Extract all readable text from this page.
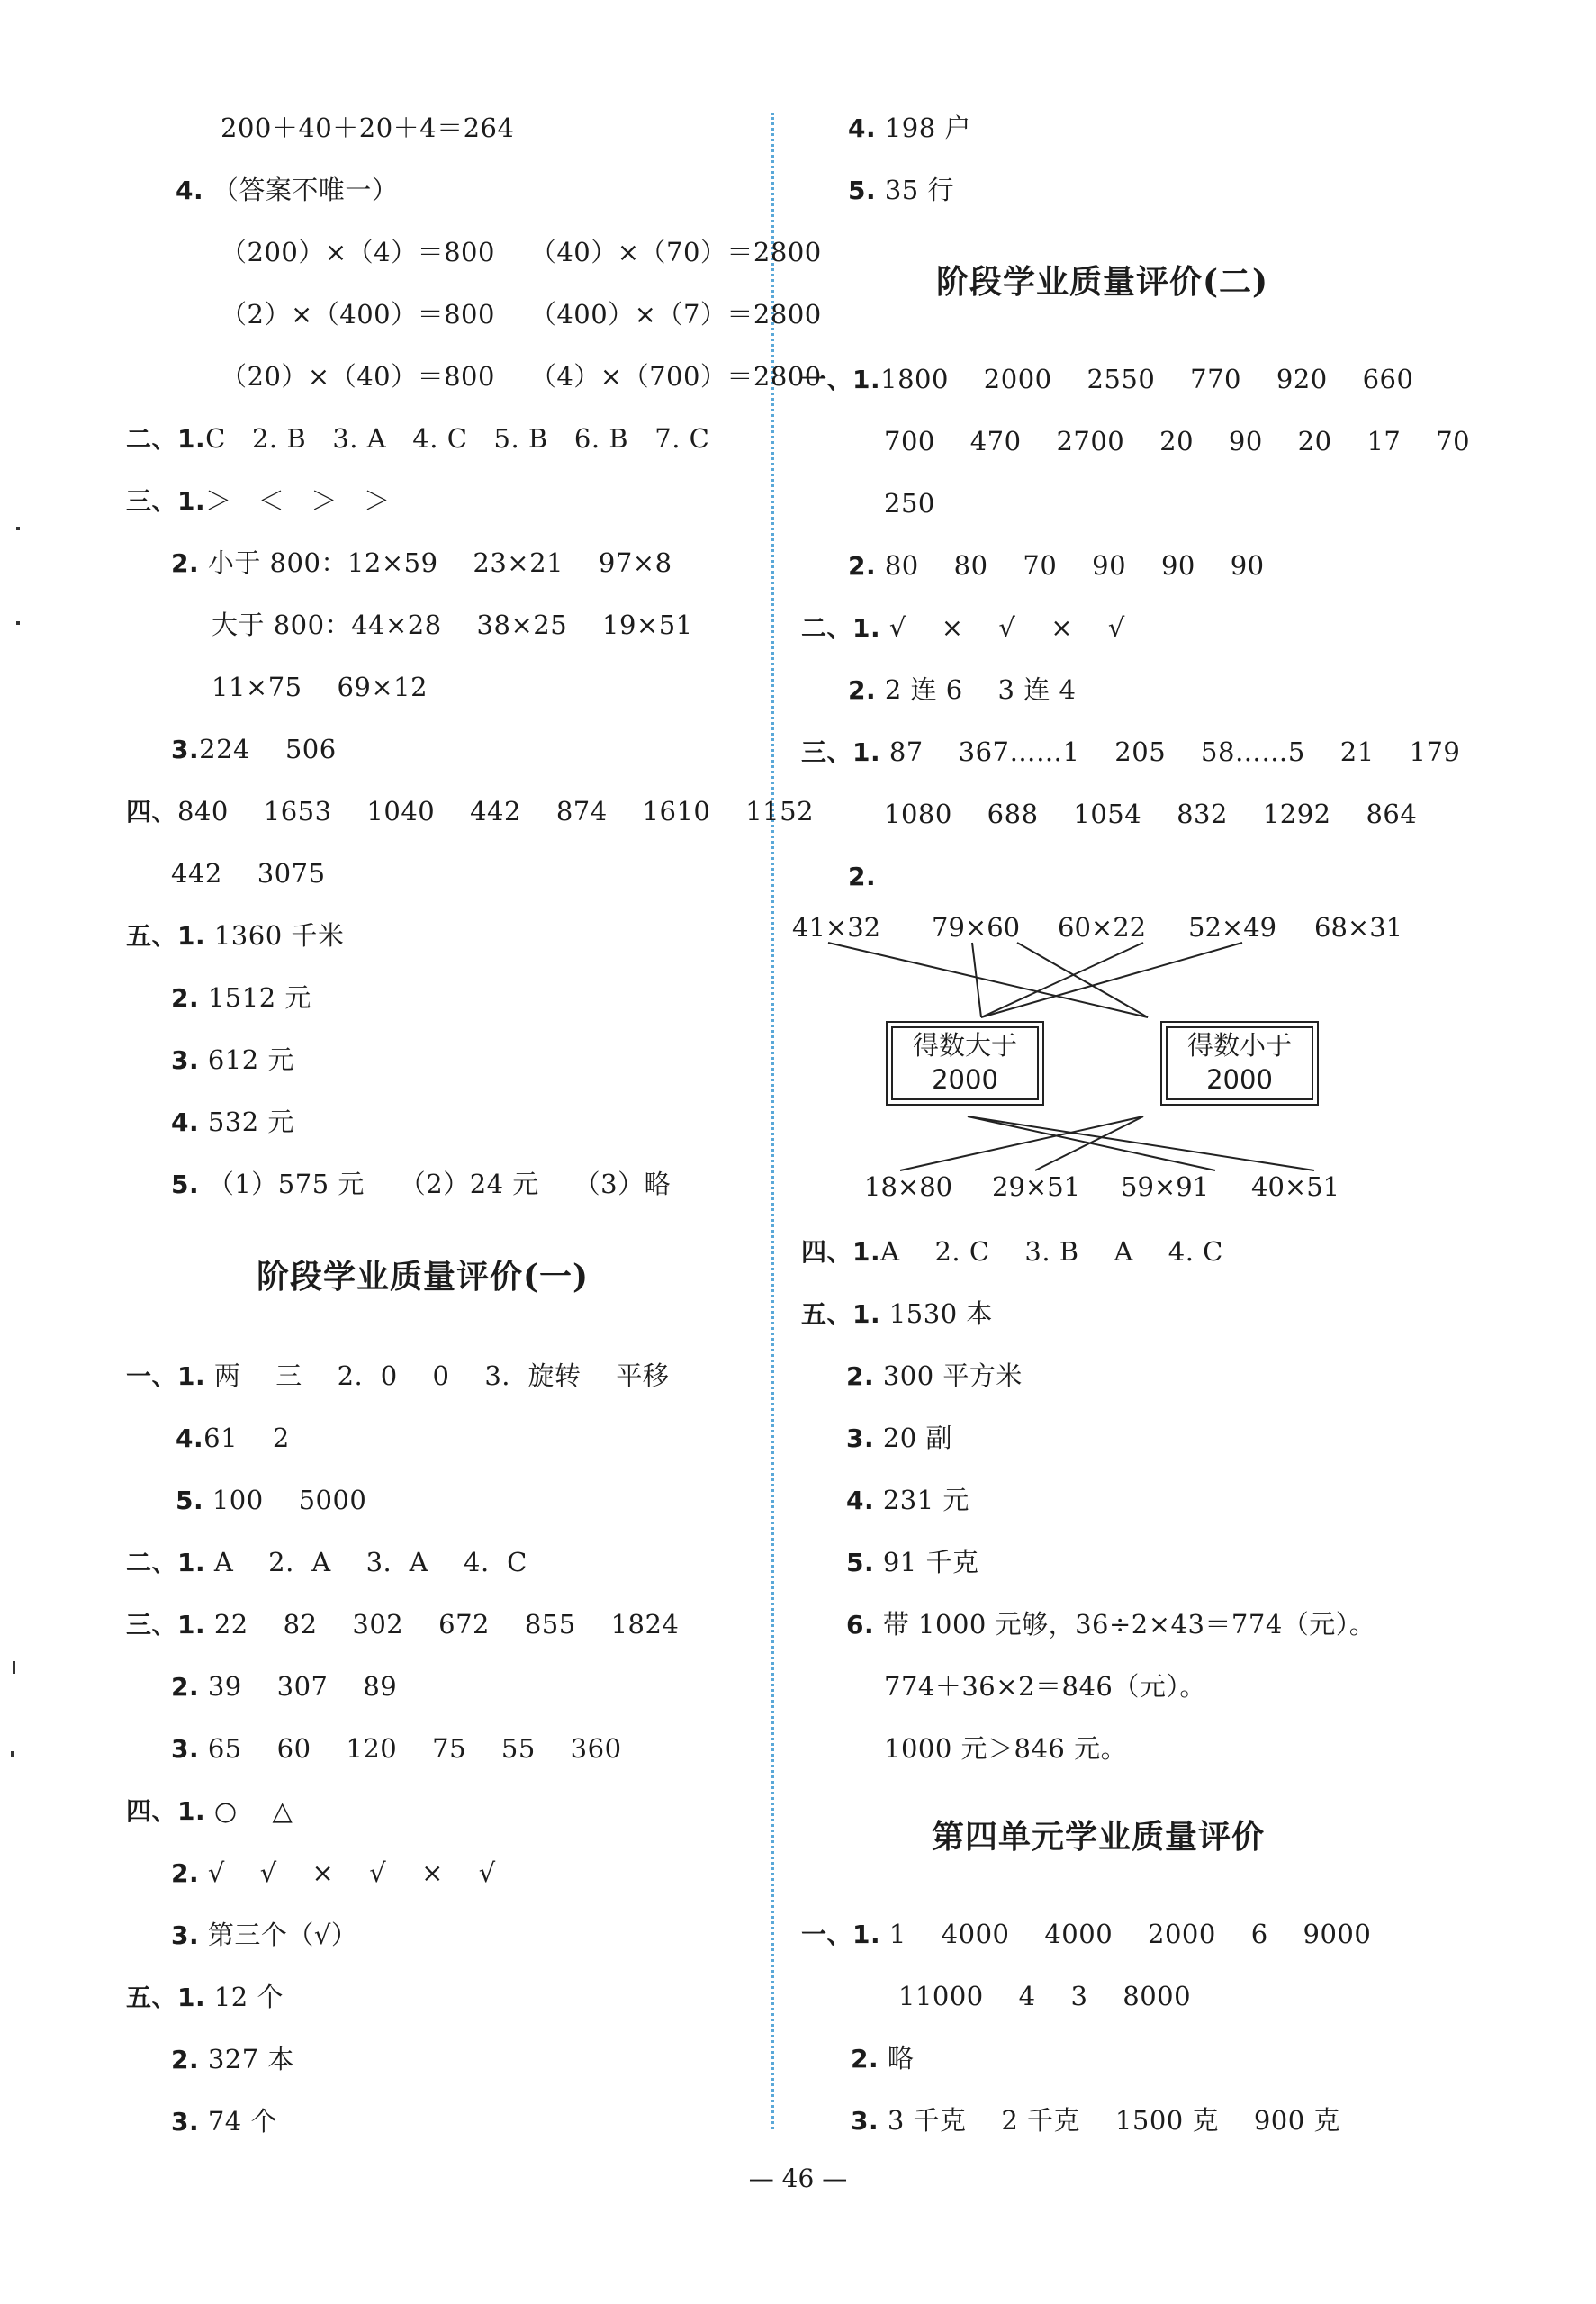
200＋40＋20＋4＝264
4. （答案不唯一）
（200）×（4）＝800    （40）×（70）＝2800
（2）×（400）＝800    （400）×（7）＝2800
（20）×（40）＝800    （4）×（700）＝2800
二、1.C   2. B   3. A   4. C   5. B   6. B   7. C
三、1.＞   ＜   ＞   ＞
2. 小于 800：12×59    23×21    97×8
大于 800：44×28    38×25    19×51
11×75    69×12
3.224    506
四、840    1653    1040    442    874    1610    1152
442    3075
五、1. 1360 千米
2. 1512 元
3. 612 元
4. 532 元
5. （1）575 元    （2）24 元    （3）略
阶段学业质量评价(一)
一、1. 两    三    2.  0    0    3.  旋转    平移
4.61    2
5. 100    5000
二、1. A    2.  A    3.  A    4.  C
三、1. 22    82    302    672    855    1824
2. 39    307    89
3. 65    60    120    75    55    360
四、1. ○    △
2. √    √    ×    √    ×    √
3. 第三个（√）
五、1. 12 个
2. 327 本
3. 74 个
4. 198 户
5. 35 行
阶段学业质量评价(二)
一、1.1800    2000    2550    770    920    660
700    470    2700    20    90    20    17    70
250
2. 80    80    70    90    90    90
二、1. √    ×    √    ×    √
2. 2 连 6    3 连 4
三、1. 87    367……1    205    58……5    21    179
1080    688    1054    832    1292    864
2.
四、1.A    2. C    3. B    A    4. C
五、1. 1530 本
2. 300 平方米
3. 20 副
4. 231 元
5. 91 千克
6. 带 1000 元够，36÷2×43＝774（元）。
774＋36×2＝846（元）。
1000 元＞846 元。
第四单元学业质量评价
一、1. 1    4000    4000    2000    6    9000
11000    4    3    8000
2. 略
3. 3 千克    2 千克    1500 克    900 克
41×32 79×60 60×22 52×49 68×31
得数大于
2000
得数小于
2000
18×80 29×51 59×91 40×51
— 46 —
